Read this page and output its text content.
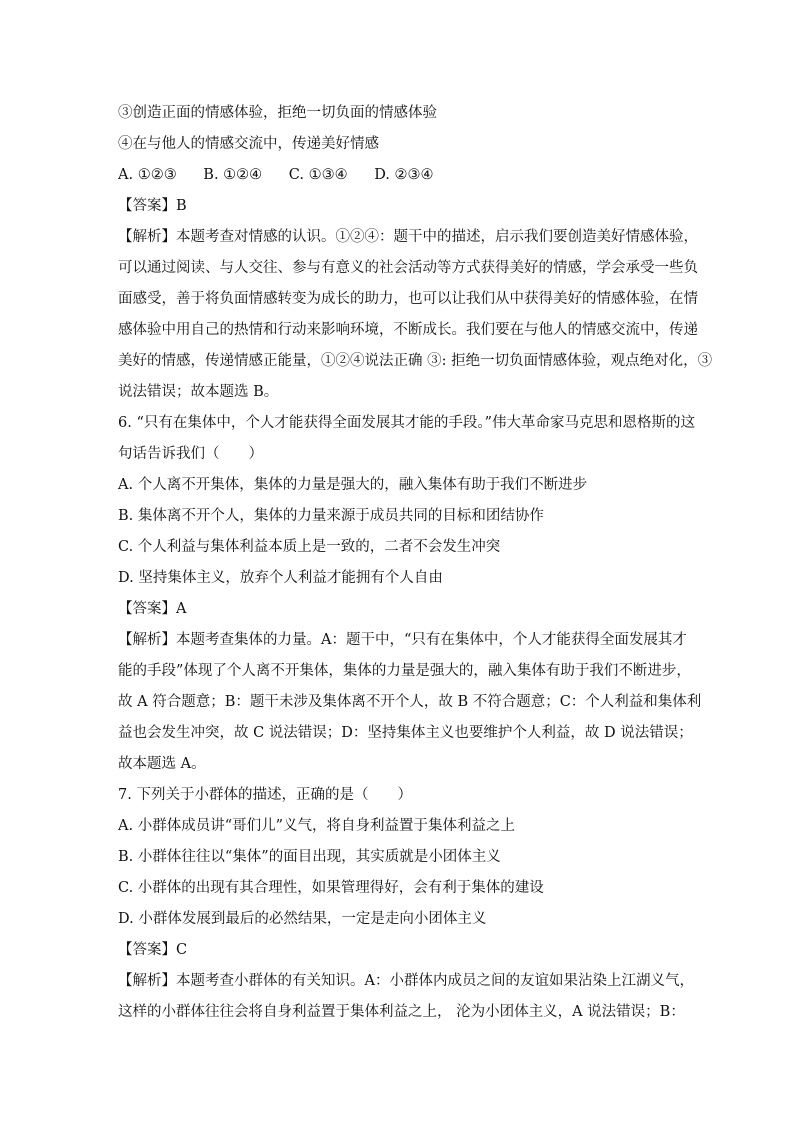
③创造正面的情感体验，拒绝一切负面的情感体验
④在与他人的情感交流中，传递美好情感
A. ①②③ B. ①②④ C. ①③④ D. ②③④
【答案】B
【解析】本题考查对情感的认识。①②④：题干中的描述，启示我们要创造美好情感体验，
可以通过阅读、与人交往、参与有意义的社会活动等方式获得美好的情感，学会承受一些负
面感受，善于将负面情感转变为成长的助力，也可以让我们从中获得美好的情感体验，在情
感体验中用自己的热情和行动来影响环境，不断成长。我们要在与他人的情感交流中，传递
美好的情感，传递情感正能量，①②④说法正确 ③: 拒绝一切负面情感体验，观点绝对化，③
说法错误；故本题选 B。
6. “只有在集体中，个人才能获得全面发展其才能的手段。”伟大革命家马克思和恩格斯的这
句话告诉我们（　　）
A. 个人离不开集体，集体的力量是强大的，融入集体有助于我们不断进步
B. 集体离不开个人，集体的力量来源于成员共同的目标和团结协作
C. 个人利益与集体利益本质上是一致的，二者不会发生冲突
D. 坚持集体主义，放弃个人利益才能拥有个人自由
【答案】A
【解析】本题考查集体的力量。A：题干中，“只有在集体中，个人才能获得全面发展其才
能的手段”体现了个人离不开集体，集体的力量是强大的，融入集体有助于我们不断进步，
故 A 符合题意；B：题干未涉及集体离不开个人，故 B 不符合题意；C：个人利益和集体利
益也会发生冲突，故 C 说法错误；D：坚持集体主义也要维护个人利益，故 D 说法错误；
故本题选 A。
7. 下列关于小群体的描述，正确的是（　　）
A. 小群体成员讲“哥们儿”义气，将自身利益置于集体利益之上
B. 小群体往往以“集体”的面目出现，其实质就是小团体主义
C. 小群体的出现有其合理性，如果管理得好，会有利于集体的建设
D. 小群体发展到最后的必然结果，一定是走向小团体主义
【答案】C
【解析】本题考查小群体的有关知识。A：小群体内成员之间的友谊如果沾染上江湖义气，
这样的小群体往往会将自身利益置于集体利益之上， 沦为小团体主义，A 说法错误；B：
